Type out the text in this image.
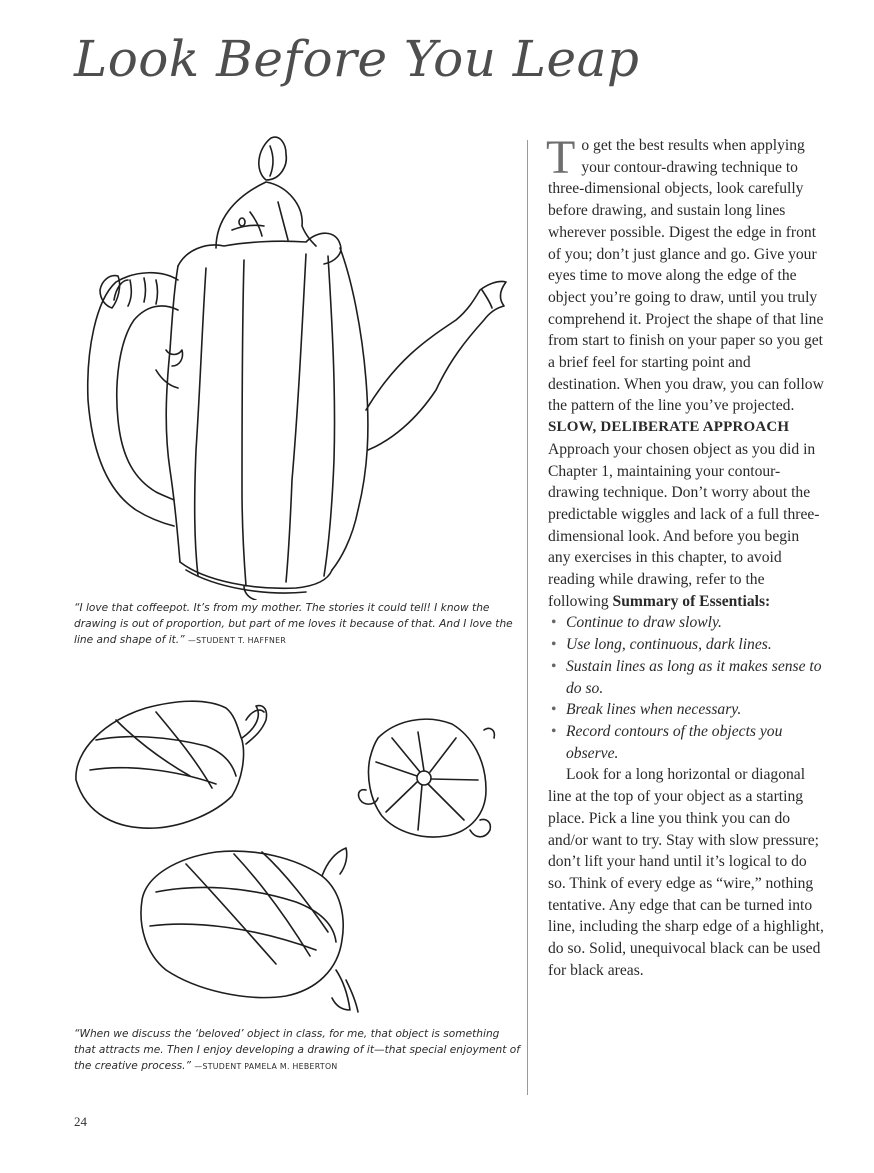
Look Before You Leap

“I love that coffeepot. It’s from my mother. The stories it could tell! I know the drawing is out of proportion, but part of me loves it because of that. And I love the line and shape of it.” —STUDENT T. HAFFNER

“When we discuss the ‘beloved’ object in class, for me, that object is something that attracts me. Then I enjoy developing a drawing of it—that special enjoyment of the creative process.” —STUDENT PAMELA M. HEBERTON

To get the best results when applying your contour-drawing technique to three-dimensional objects, look carefully before drawing, and sustain long lines wherever possible. Digest the edge in front of you; don’t just glance and go. Give your eyes time to move along the edge of the object you’re going to draw, until you truly comprehend it. Project the shape of that line from start to finish on your paper so you get a brief feel for starting point and destination. When you draw, you can follow the pattern of the line you’ve projected.

SLOW, DELIBERATE APPROACH

Approach your chosen object as you did in Chapter 1, maintaining your contour-drawing technique. Don’t worry about the predictable wiggles and lack of a full three-dimensional look. And before you begin any exercises in this chapter, to avoid reading while drawing, refer to the following Summary of Essentials:

• Continue to draw slowly.
• Use long, continuous, dark lines.
• Sustain lines as long as it makes sense to do so.
• Break lines when necessary.
• Record contours of the objects you observe.

Look for a long horizontal or diagonal line at the top of your object as a starting place. Pick a line you think you can do and/or want to try. Stay with slow pressure; don’t lift your hand until it’s logical to do so. Think of every edge as “wire,” nothing tentative. Any edge that can be turned into line, including the sharp edge of a highlight, do so. Solid, unequivocal black can be used for black areas.

24
